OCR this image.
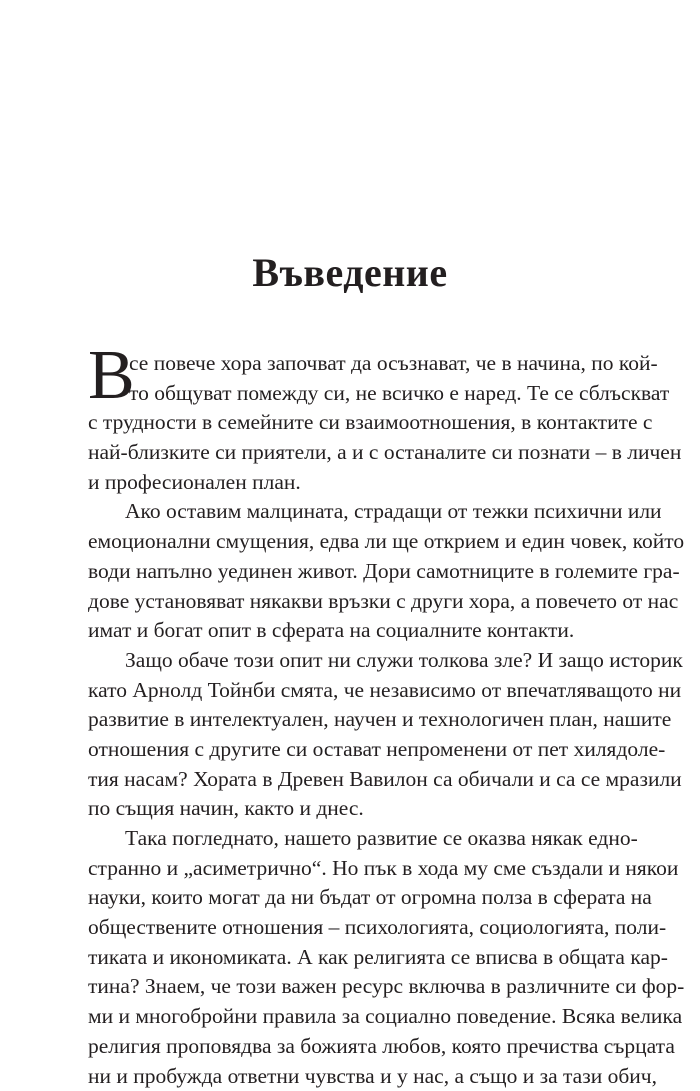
Въведение
В
се повече хора започват да осъзнават, че в начина, по кой-
то общуват помежду си, не всичко е наред. Те се сблъскват
с трудности в семейните си взаимоотношения, в контактите с
най-близките си приятели, а и с останалите си познати – в личен
и професионален план.
Ако оставим малцината, страдащи от тежки психични или
емоционални смущения, едва ли ще открием и един човек, който
води напълно уединен живот. Дори самотниците в големите гра-
дове установяват някакви връзки с други хора, а повечето от нас
имат и богат опит в сферата на социалните контакти.
Защо обаче този опит ни служи толкова зле? И защо историк
като Арнолд Тойнби смята, че независимо от впечатляващото ни
развитие в интелектуален, научен и технологичен план, нашите
отношения с другите си остават непроменени от пет хилядоле-
тия насам? Хората в Древен Вавилон са обичали и са се мразили
по същия начин, както и днес.
Така погледнато, нашето развитие се оказва някак едно-
странно и „асиметрично“. Но пък в хода му сме създали и някои
науки, които могат да ни бъдат от огромна полза в сферата на
обществените отношения – психологията, социологията, поли-
тиката и икономиката. А как религията се вписва в общата кар-
тина? Знаем, че този важен ресурс включва в различните си фор-
ми и многобройни правила за социално поведение. Всяка велика
религия проповядва за божията любов, която пречиства сърцата
ни и пробужда ответни чувства и у нас, а също и за тази обич,
